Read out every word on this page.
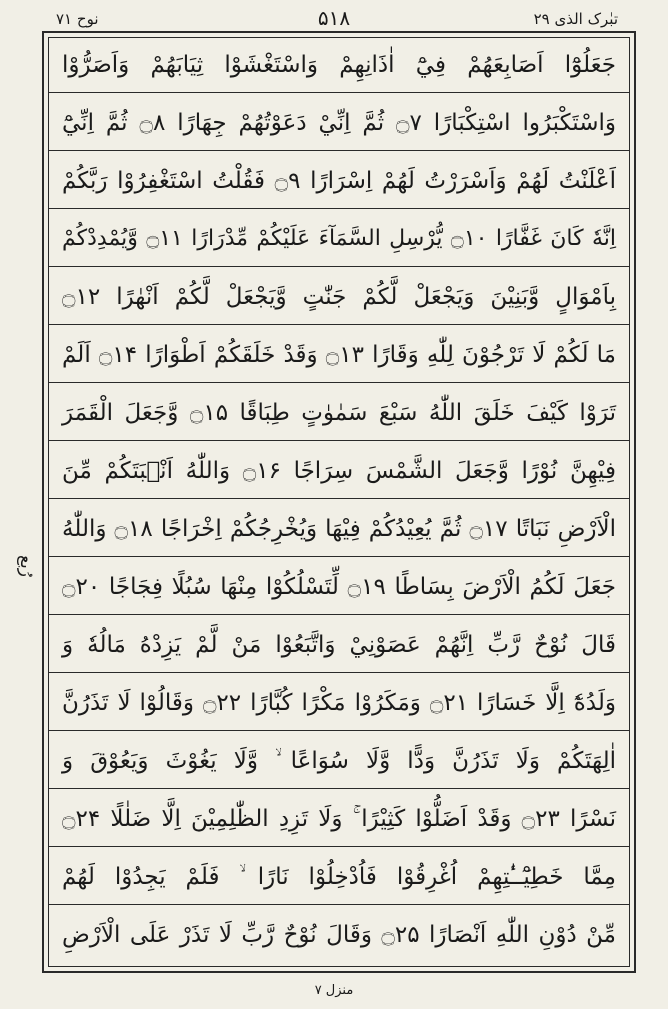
نوح ۷۱	۵۱۸	تبٰرک الذی ۲۹
رُبع
جَعَلُوْٓا اَصَابِعَهُمْ فِيْٓ اٰذَانِهِمْ وَاسْتَغْشَوْا ثِيَابَهُمْ وَاَصَرُّوْا
وَاسْتَكْبَرُوا اسْتِكْبَارًا ۝۷ ثُمَّ اِنِّيْ دَعَوْتُهُمْ جِهَارًا ۝۸ ثُمَّ اِنِّيْٓ
اَعْلَنْتُ لَهُمْ وَاَسْرَرْتُ لَهُمْ اِسْرَارًا ۝۹ فَقُلْتُ اسْتَغْفِرُوْا رَبَّكُمْ
اِنَّهٗ كَانَ غَفَّارًا ۝۱۰ يُّرْسِلِ السَّمَآءَ عَلَيْكُمْ مِّدْرَارًا ۝۱۱ وَّيُمْدِدْكُمْ
بِاَمْوَالٍ وَّبَنِيْنَ وَيَجْعَلْ لَّكُمْ جَنّٰتٍ وَّيَجْعَلْ لَّكُمْ اَنْهٰرًا ۝۱۲
مَا لَكُمْ لَا تَرْجُوْنَ لِلّٰهِ وَقَارًا ۝۱۳ وَقَدْ خَلَقَكُمْ اَطْوَارًا ۝۱۴ اَلَمْ
تَرَوْا كَيْفَ خَلَقَ اللّٰهُ سَبْعَ سَمٰوٰتٍ طِبَاقًا ۝۱۵ وَّجَعَلَ الْقَمَرَ
فِيْهِنَّ نُوْرًا وَّجَعَلَ الشَّمْسَ سِرَاجًا ۝۱۶ وَاللّٰهُ اَنْۢبَتَكُمْ مِّنَ
الْاَرْضِ نَبَاتًا ۝۱۷ ثُمَّ يُعِيْدُكُمْ فِيْهَا وَيُخْرِجُكُمْ اِخْرَاجًا ۝۱۸ وَاللّٰهُ
جَعَلَ لَكُمُ الْاَرْضَ بِسَاطًا ۝۱۹ لِّتَسْلُكُوْا مِنْهَا سُبُلًا فِجَاجًا ۝۲۰
قَالَ نُوْحٌ رَّبِّ اِنَّهُمْ عَصَوْنِيْ وَاتَّبَعُوْا مَنْ لَّمْ يَزِدْهُ مَالُهٗ وَ
وَلَدُهٗٓ اِلَّا خَسَارًا ۝۲۱ وَمَكَرُوْا مَكْرًا كُبَّارًا ۝۲۲ وَقَالُوْا لَا تَذَرُنَّ
اٰلِهَتَكُمْ وَلَا تَذَرُنَّ وَدًّا وَّلَا سُوَاعًا ۙ وَّلَا يَغُوْثَ وَيَعُوْقَ وَ
نَسْرًا ۝۲۳ وَقَدْ اَضَلُّوْا كَثِيْرًا ۚ وَلَا تَزِدِ الظّٰلِمِيْنَ اِلَّا ضَلٰلًا ۝۲۴
مِمَّا خَطِيْٓــٰٔتِهِمْ اُغْرِقُوْا فَاُدْخِلُوْا نَارًا ۙ فَلَمْ يَجِدُوْا لَهُمْ
مِّنْ دُوْنِ اللّٰهِ اَنْصَارًا ۝۲۵ وَقَالَ نُوْحٌ رَّبِّ لَا تَذَرْ عَلَى الْاَرْضِ
منزل ۷
